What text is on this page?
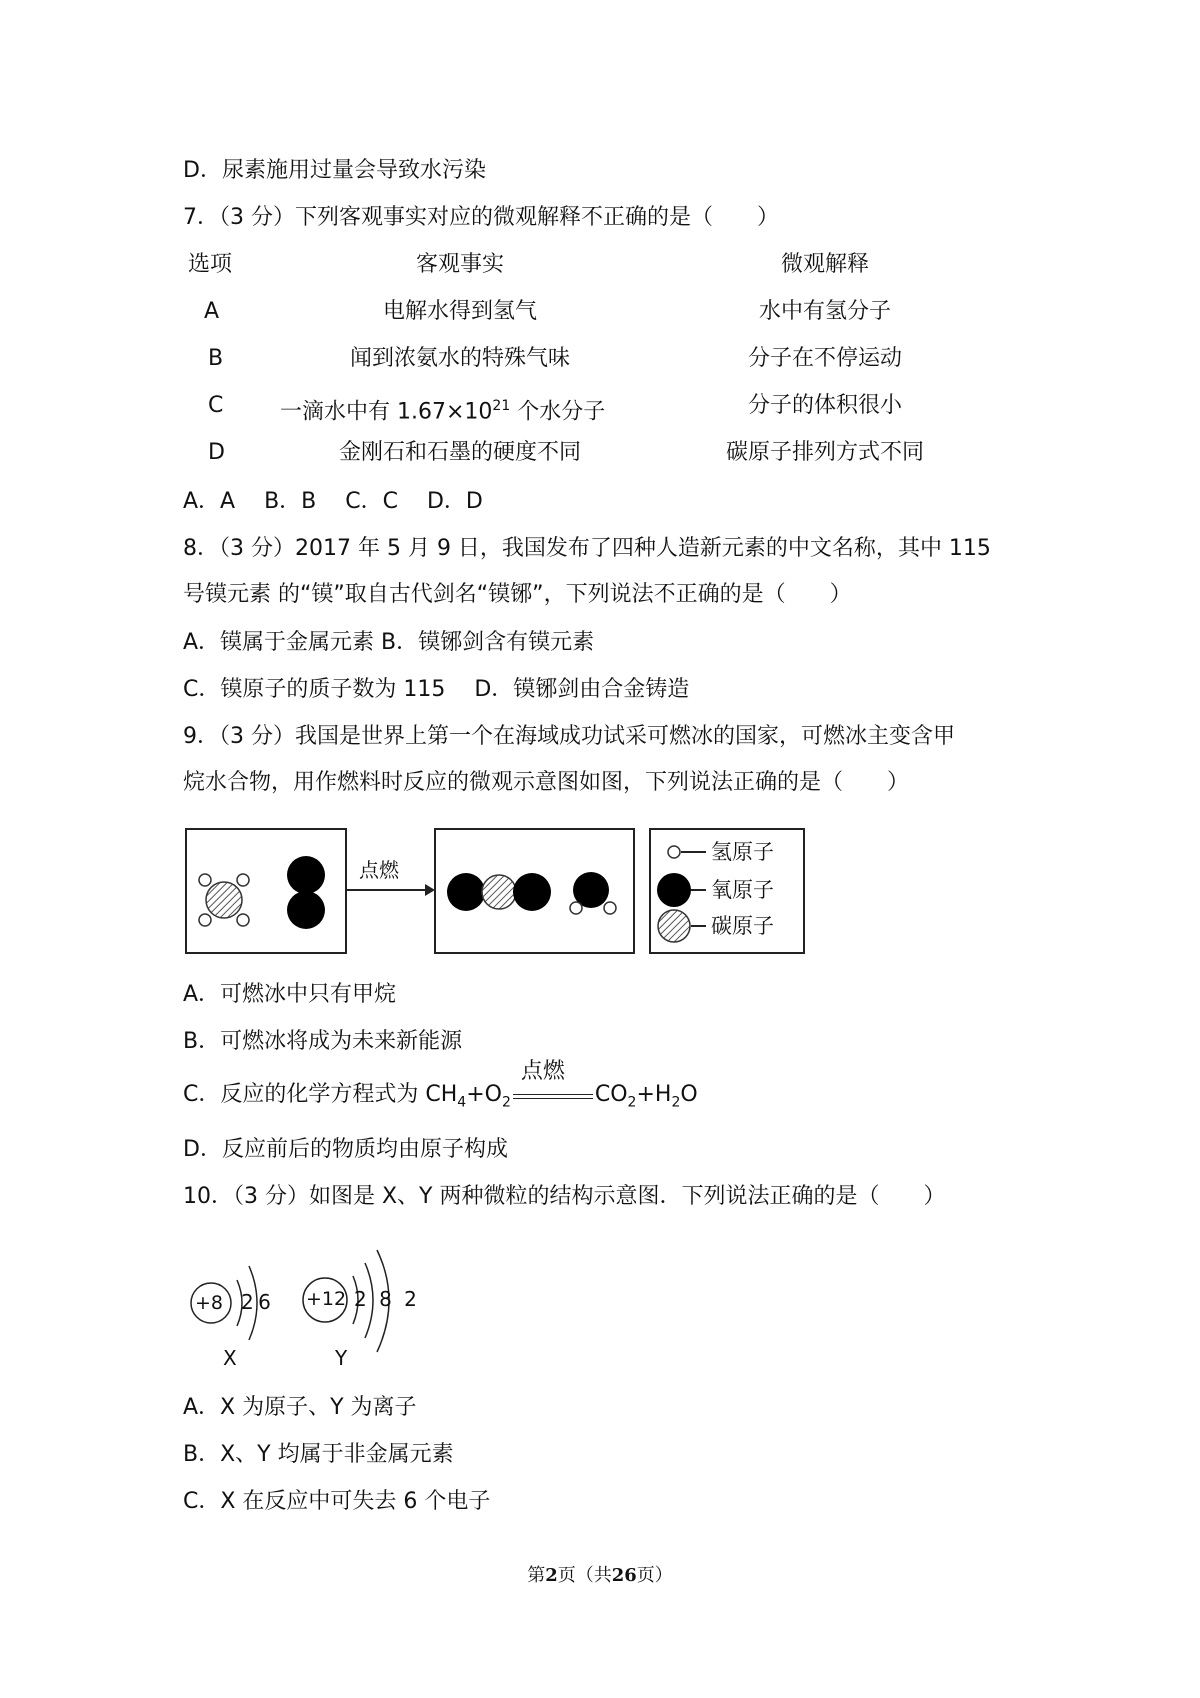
D．尿素施用过量会导致水污染
7．（3 分）下列客观事实对应的微观解释不正确的是（　　）
选项	客观事实	微观解释
A	电解水得到氢气	水中有氢分子
B	闻到浓氨水的特殊气味	分子在不停运动
C	一滴水中有 $1.67\times 10^{21}$ 个水分子	分子的体积很小
D	金刚石和石墨的硬度不同	碳原子排列方式不同
A．A　 B．B　 C．C　 D．D
8．（3 分）2017 年 5 月 9 日，我国发布了四种人造新元素的中文名称，其中 115
号镆元素 的“镆”取自古代剑名“镆铘”，下列说法不正确的是（　　）
A．镆属于金属元素 B．镆铘剑含有镆元素
C．镆原子的质子数为 115　 D．镆铘剑由合金铸造
9．（3 分）我国是世界上第一个在海域成功试采可燃冰的国家，可燃冰主变含甲
烷水合物，用作燃料时反应的微观示意图如图，下列说法正确的是（　　）
点燃
氢原子
氧原子
碳原子
A．可燃冰中只有甲烷
B．可燃冰将成为未来新能源
C．反应的化学方程式为 $CH_4+O_2$
点燃
$CO_2+H_2O$
D．反应前后的物质均由原子构成
10．（3 分）如图是 X、Y 两种微粒的结构示意图．下列说法正确的是（　　）
+8 2 6
X
+12 2 8 2
Y
A．X 为原子、Y 为离子
B．X、Y 均属于非金属元素
C．X 在反应中可失去 6 个电子
第2页（共26页）
